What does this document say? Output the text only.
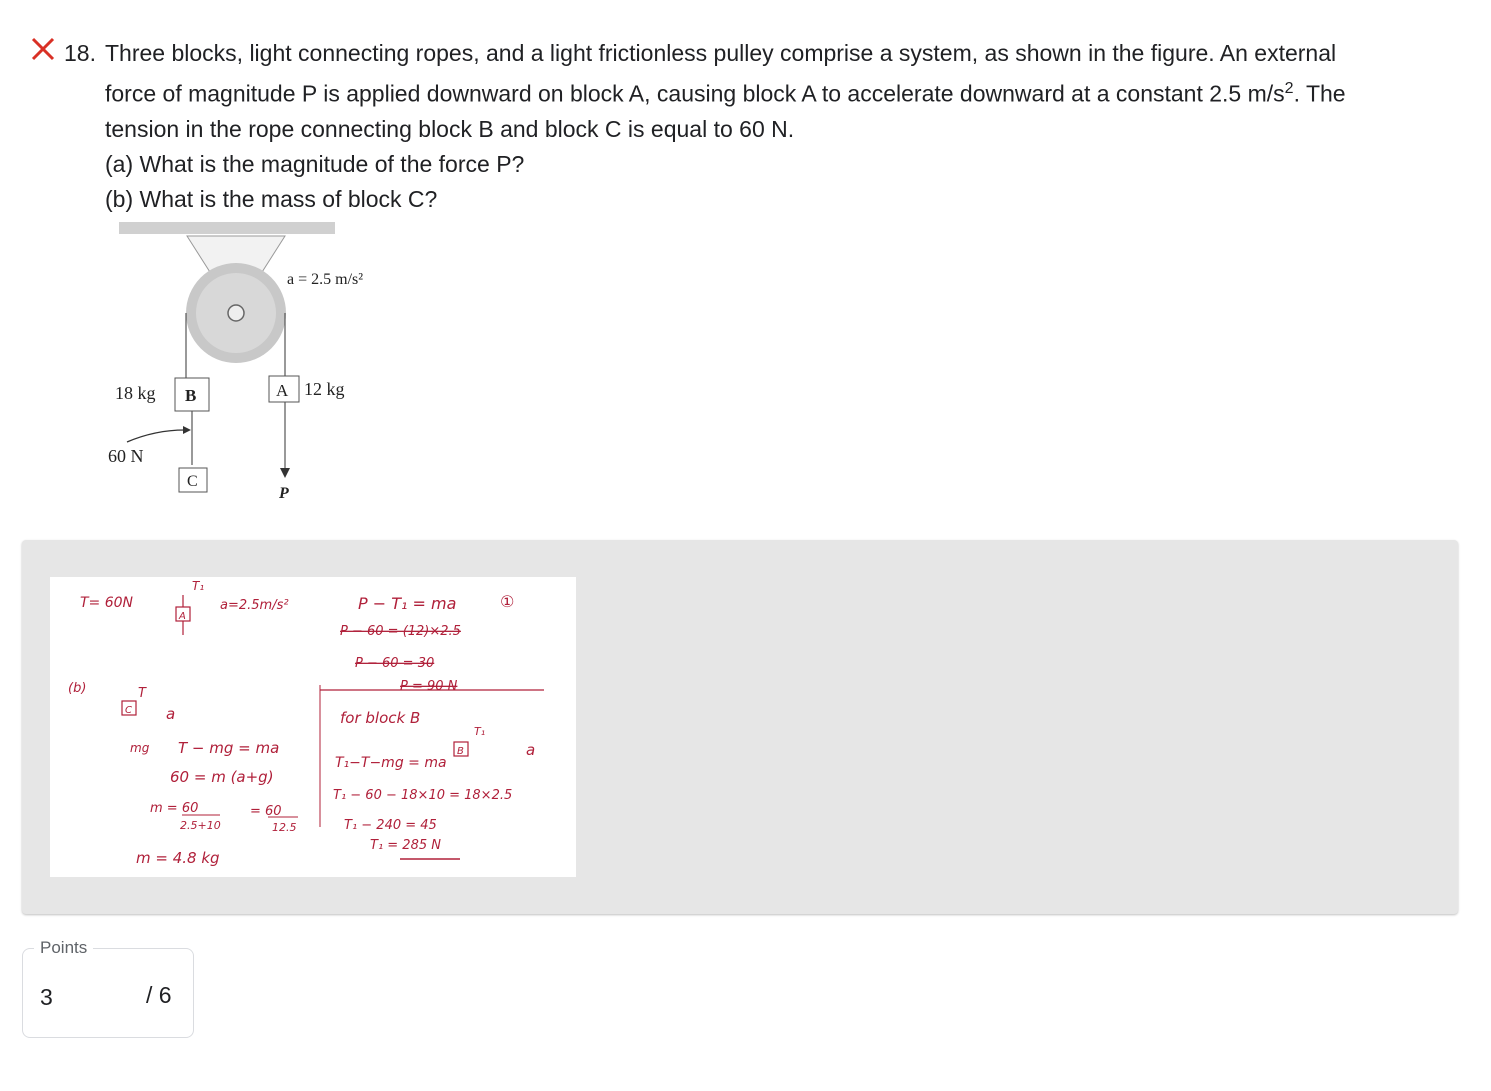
18. Three blocks, light connecting ropes, and a light frictionless pulley comprise a system, as shown in the figure. An external
force of magnitude P is applied downward on block A, causing block A to accelerate downward at a constant 2.5 $m/s^2$. The
tension in the rope connecting block B and block C is equal to 60 N.
(a) What is the magnitude of the force P?
(b) What is the mass of block C?
B
18 kg	A 12 kg
a = 2.5 m/s²
60 N
C
P
T= 60N
T₁
A
a=2.5m/s²	P − T₁ = ma	①
P − 60 = (12)×2.5
P − 60 = 30
P = 90 N
(b)	T
C a
mg T − mg = ma
60 = m (a+g)
m = 60
2.5+10
= 60
12.5
m = 4.8 kg
for block B
T₁
B
T₁−T−mg = ma
a
T₁ − 60 − 18×10 = 18×2.5
T₁ − 240 = 45
T₁ = 285 N
Points
3	/ 6
